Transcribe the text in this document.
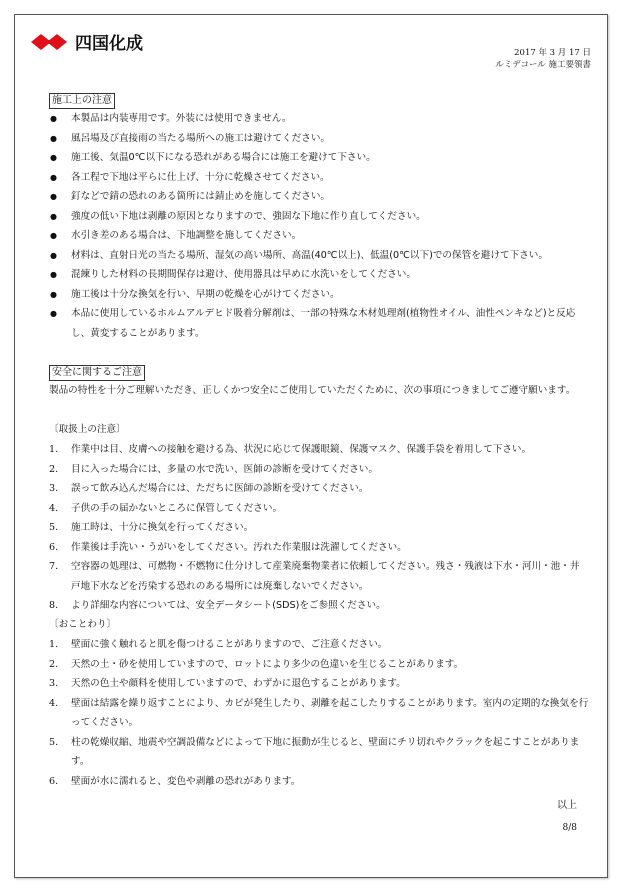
四国化成	2017 年 3 月 17 日
ルミデコール 施工要領書
施工上の注意
● 本製品は内装専用です。外装には使用できません。
● 風呂場及び直接雨の当たる場所への施工は避けてください。
● 施工後、気温0℃以下になる恐れがある場合には施工を避けて下さい。
● 各工程で下地は平らに仕上げ、十分に乾燥させてください。
● 釘などで錆の恐れのある箇所には錆止めを施してください。
● 強度の低い下地は剥離の原因となりますので、強固な下地に作り直してください。
● 水引き差のある場合は、下地調整を施してください。
● 材料は、直射日光の当たる場所、湿気の高い場所、高温(40℃以上)、低温(0℃以下)での保管を避けて下さい。
● 混練りした材料の長期間保存は避け、使用器具は早めに水洗いをしてください。
● 施工後は十分な換気を行い、早期の乾燥を心がけてください。
● 本品に使用しているホルムアルデヒド吸着分解剤は、一部の特殊な木材処理剤(植物性オイル、油性ペンキなど)と反応し、黄変することがあります。
安全に関するご注意
製品の特性を十分ご理解いただき、正しくかつ安全にご使用していただくために、次の事項につきましてご遵守願います。
〔取扱上の注意〕
1. 作業中は目、皮膚への接触を避ける為、状況に応じて保護眼鏡、保護マスク、保護手袋を着用して下さい。
2. 目に入った場合には、多量の水で洗い、医師の診断を受けてください。
3. 誤って飲み込んだ場合には、ただちに医師の診断を受けてください。
4. 子供の手の届かないところに保管してください。
5. 施工時は、十分に換気を行ってください。
6. 作業後は手洗い・うがいをしてください。汚れた作業服は洗濯してください。
7. 空容器の処理は、可燃物・不燃物に仕分けして産業廃棄物業者に依頼してください。残さ・残液は下水・河川・池・井戸地下水などを汚染する恐れのある場所には廃棄しないでください。
8. より詳細な内容については、安全データシート(SDS)をご参照ください。
〔おことわり〕
1. 壁面に強く触れると肌を傷つけることがありますので、ご注意ください。
2. 天然の土・砂を使用していますので、ロットにより多少の色違いを生じることがあります。
3. 天然の色土や顔料を使用していますので、わずかに退色することがあります。
4. 壁面は結露を繰り返すことにより、カビが発生したり、剥離を起こしたりすることがあります。室内の定期的な換気を行ってください。
5. 柱の乾燥収縮、地震や空調設備などによって下地に振動が生じると、壁面にチリ切れやクラックを起こすことがあります。
6. 壁面が水に濡れると、変色や剥離の恐れがあります。
以上
8/8
